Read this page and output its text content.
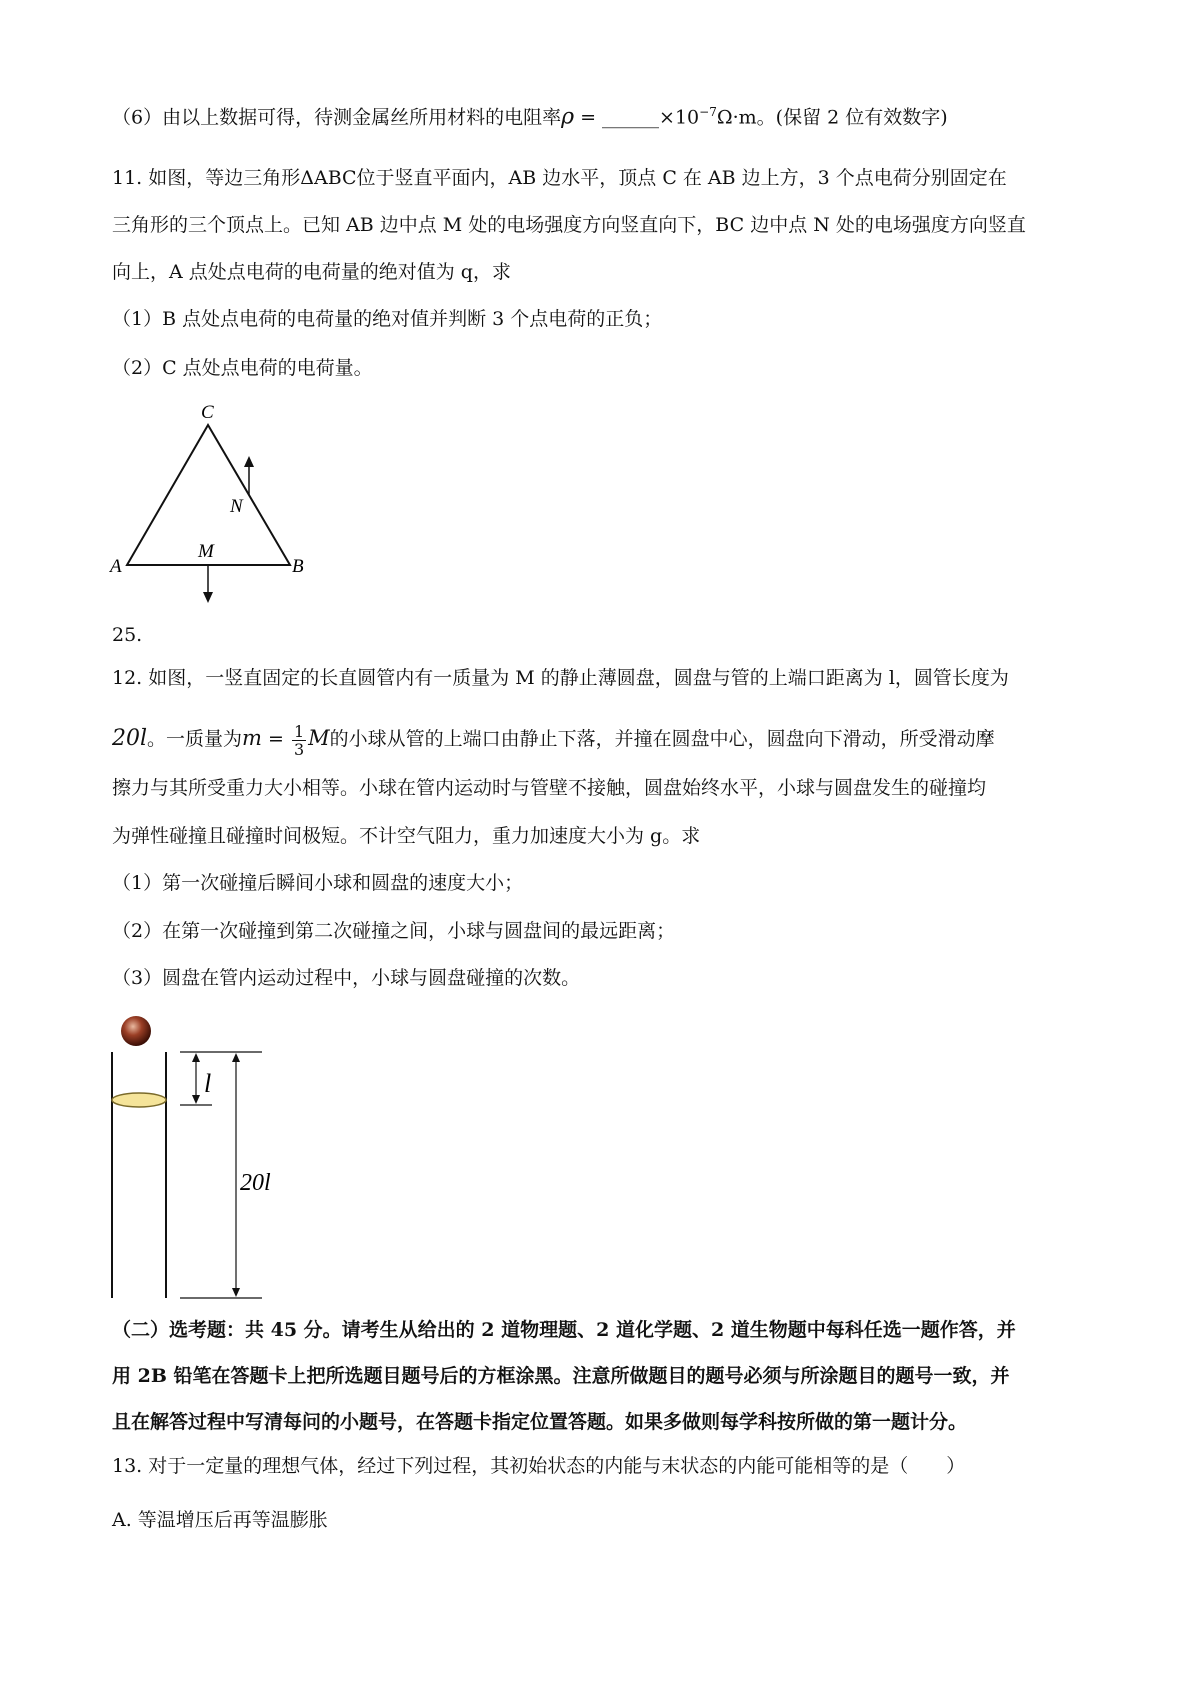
（6）由以上数据可得，待测金属丝所用材料的电阻率$\rho = \_\_\_\_\_\_\times 10^{-7}\Omega\cdot m$。(保留 2 位有效数字)
11. 如图，等边三角形ΔABC位于竖直平面内，AB 边水平，顶点 C 在 AB 边上方，3 个点电荷分别固定在
三角形的三个顶点上。已知 AB 边中点 M 处的电场强度方向竖直向下，BC 边中点 N 处的电场强度方向竖直
向上，A 点处点电荷的电荷量的绝对值为 q，求
（1）B 点处点电荷的电荷量的绝对值并判断 3 个点电荷的正负；
（2）C 点处点电荷的电荷量。
C
N
M
A	B
25.
12. 如图，一竖直固定的长直圆管内有一质量为 M 的静止薄圆盘，圆盘与管的上端口距离为 l，圆管长度为
20l。一质量为$m = \frac{1}{3}$ M的小球从管的上端口由静止下落，并撞在圆盘中心，圆盘向下滑动，所受滑动摩
擦力与其所受重力大小相等。小球在管内运动时与管壁不接触，圆盘始终水平，小球与圆盘发生的碰撞均
为弹性碰撞且碰撞时间极短。不计空气阻力，重力加速度大小为 g。求
（1）第一次碰撞后瞬间小球和圆盘的速度大小；
（2）在第一次碰撞到第二次碰撞之间，小球与圆盘间的最远距离；
（3）圆盘在管内运动过程中，小球与圆盘碰撞的次数。
l
20l
（二）选考题：共 45 分。请考生从给出的 2 道物理题、2 道化学题、2 道生物题中每科任选一题作答，并
用 2B 铅笔在答题卡上把所选题目题号后的方框涂黑。注意所做题目的题号必须与所涂题目的题号一致，并
且在解答过程中写清每问的小题号，在答题卡指定位置答题。如果多做则每学科按所做的第一题计分。
13. 对于一定量的理想气体，经过下列过程，其初始状态的内能与末状态的内能可能相等的是（　　）
A. 等温增压后再等温膨胀
